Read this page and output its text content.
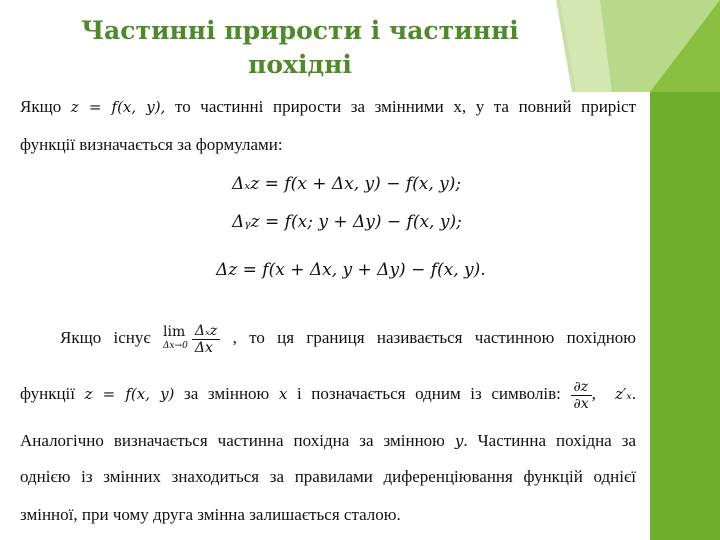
Частинні прирости і частинні похідні
Якщо z = f(x, y), то частинні прирости за змінними x, у та повний приріст
функції визначається за формулами:
Δₓz = f(x + Δx, y) − f(x, y);
Δᵧz = f(x; y + Δy) − f(x, y);
Δz = f(x + Δx, y + Δy) − f(x, y).
Якщо існує lim
$\Delta x\to 0 \frac{\text{Δₓz}}{\Delta x}$ , то ця границя називається частинною похідною
функції z = f(x, y) за змінною x і позначається одним із символів: $\frac{\partial z}{\partial x}$ , z′ₓ.
Аналогічно визначається частинна похідна за змінною y. Частинна похідна за
однією із змінних знаходиться за правилами диференціювання функцій однієї
змінної, при чому друга змінна залишається сталою.
